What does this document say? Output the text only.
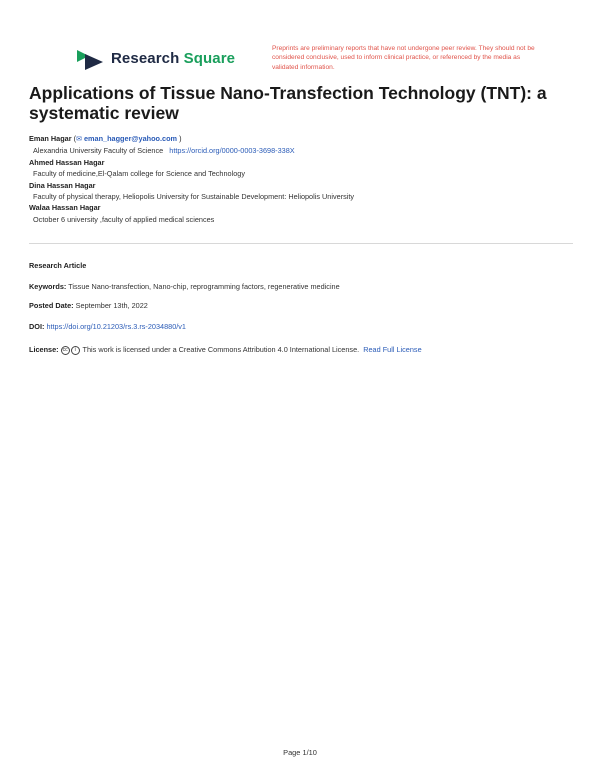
Research Square
Preprints are preliminary reports that have not undergone peer review. They should not be considered conclusive, used to inform clinical practice, or referenced by the media as validated information.
Applications of Tissue Nano-Transfection Technology (TNT): a systematic review
Eman Hagar (✉ eman_hagger@yahoo.com )
Alexandria University Faculty of Science https://orcid.org/0000-0003-3698-338X
Ahmed Hassan Hagar
Faculty of medicine,El-Qalam college for Science and Technology
Dina Hassan Hagar
Faculty of physical therapy, Heliopolis University for Sustainable Development: Heliopolis University
Walaa Hassan Hagar
October 6 university ,faculty of applied medical sciences
Research Article
Keywords: Tissue Nano-transfection, Nano-chip, reprogramming factors, regenerative medicine
Posted Date: September 13th, 2022
DOI: https://doi.org/10.21203/rs.3.rs-2034880/v1
License: cc i This work is licensed under a Creative Commons Attribution 4.0 International License. Read Full License
Page 1/10
